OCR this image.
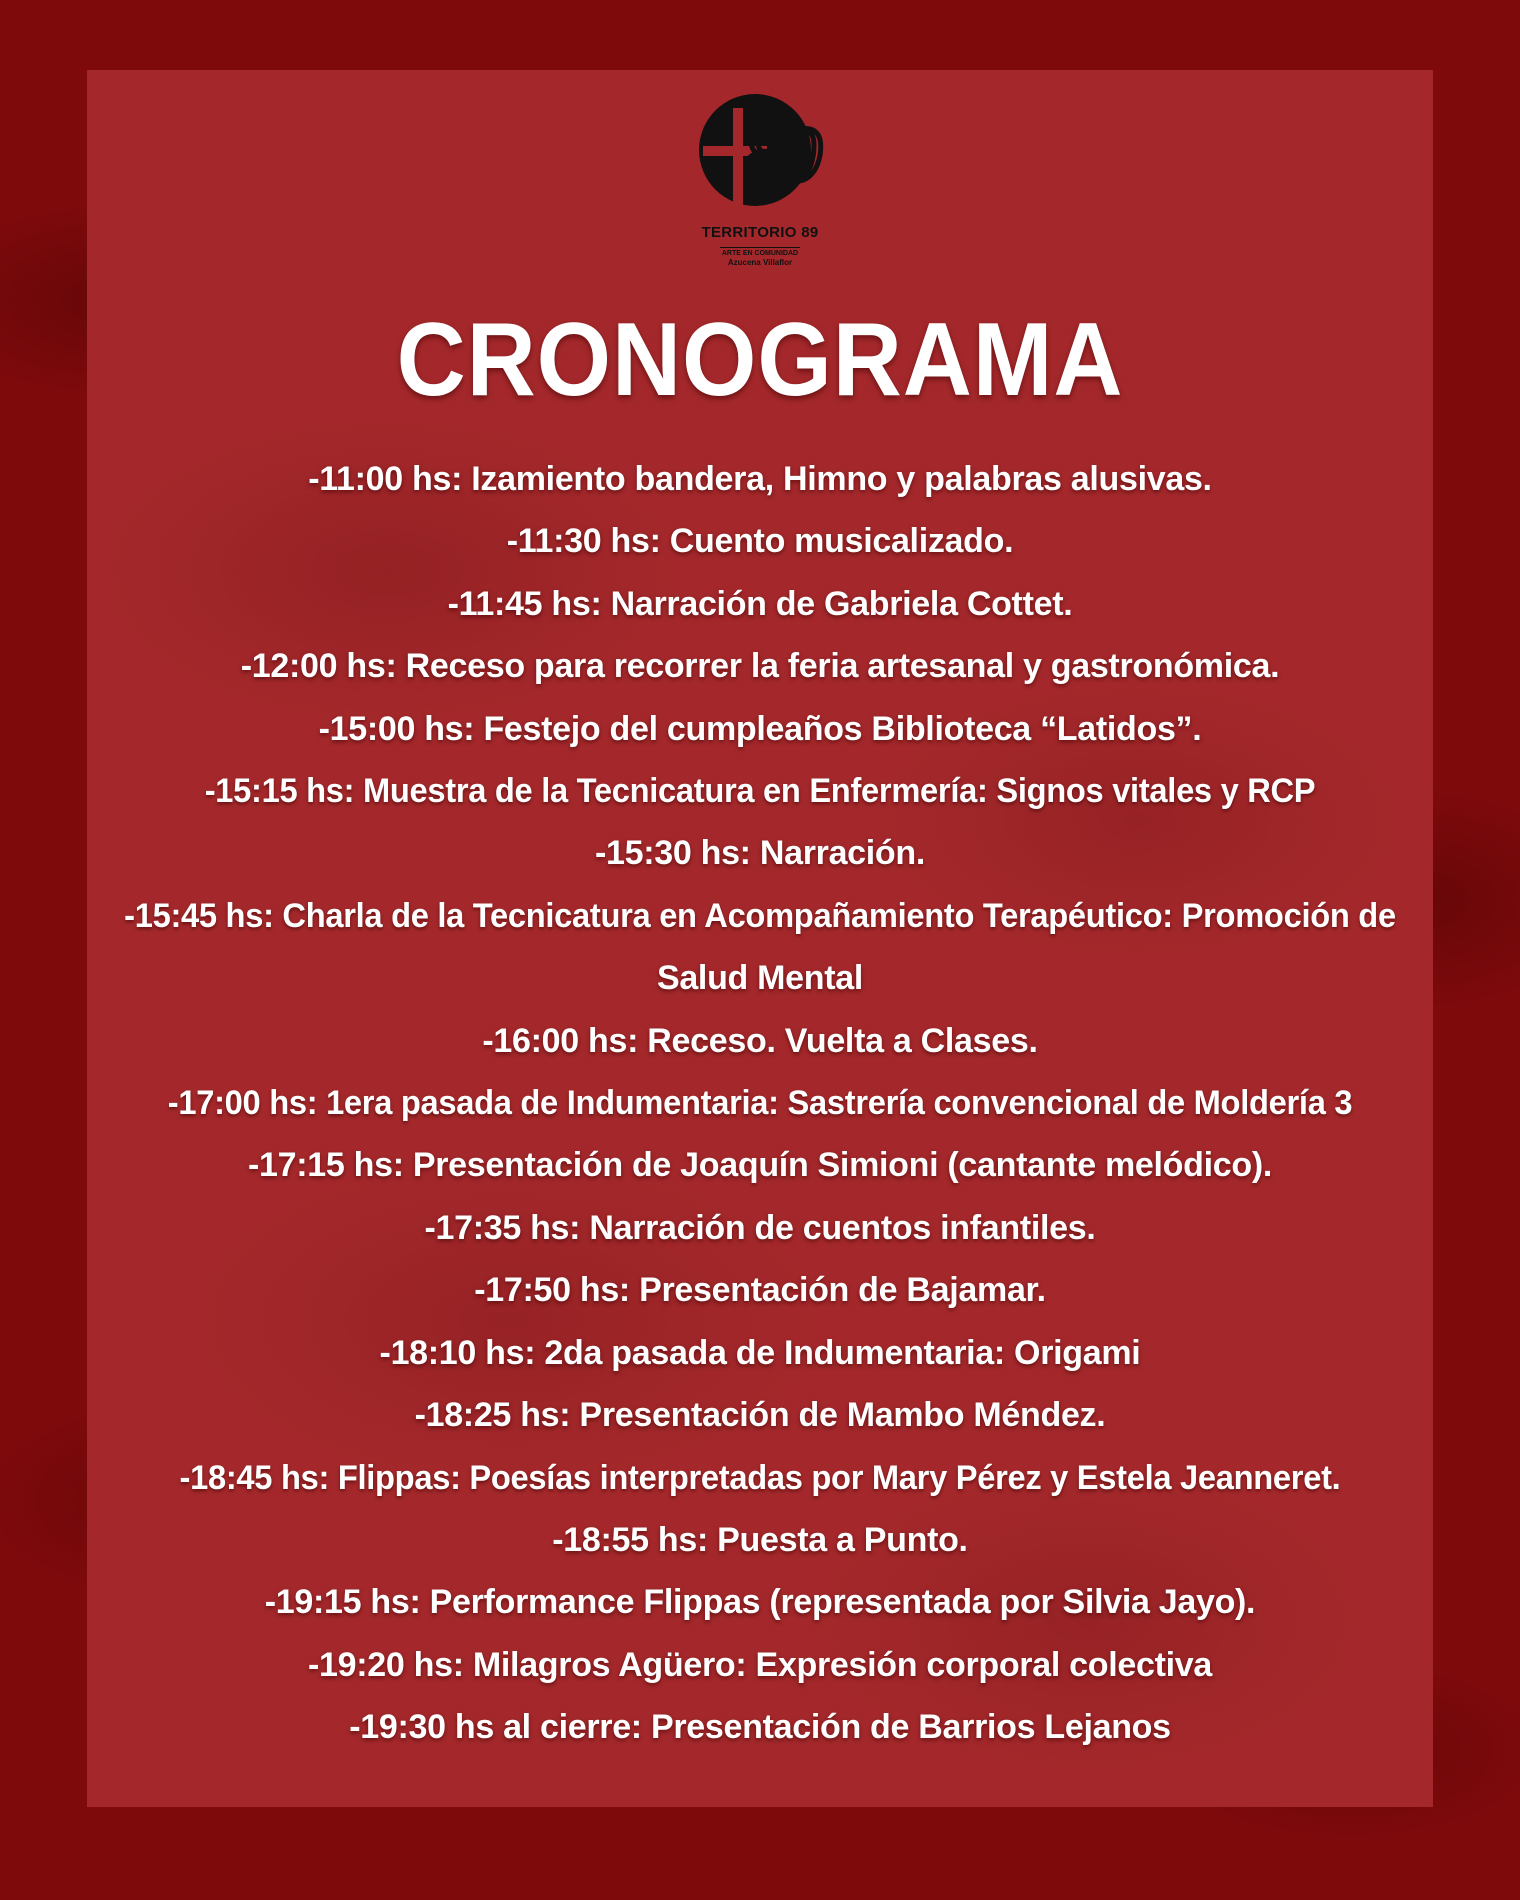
89
TERRITORIO 89
ARTE EN COMUNIDAD
Azucena Villaflor
CRONOGRAMA
-11:00 hs: Izamiento bandera, Himno y palabras alusivas.
-11:30 hs: Cuento musicalizado.
-11:45 hs: Narración de Gabriela Cottet.
-12:00 hs: Receso para recorrer la feria artesanal y gastronómica.
-15:00 hs: Festejo del cumpleaños Biblioteca “Latidos”.
-15:15 hs: Muestra de la Tecnicatura en Enfermería: Signos vitales y RCP
-15:30 hs: Narración.
-15:45 hs: Charla de la Tecnicatura en Acompañamiento Terapéutico: Promoción de
Salud Mental
-16:00 hs: Receso. Vuelta a Clases.
-17:00 hs: 1era pasada de Indumentaria: Sastrería convencional de Moldería 3
-17:15 hs: Presentación de Joaquín Simioni (cantante melódico).
-17:35 hs: Narración de cuentos infantiles.
-17:50 hs: Presentación de Bajamar.
-18:10 hs: 2da pasada de Indumentaria: Origami
-18:25 hs: Presentación de Mambo Méndez.
-18:45 hs: Flippas: Poesías interpretadas por Mary Pérez y Estela Jeanneret.
-18:55 hs: Puesta a Punto.
-19:15 hs: Performance Flippas (representada por Silvia Jayo).
-19:20 hs: Milagros Agüero: Expresión corporal colectiva
-19:30 hs al cierre: Presentación de Barrios Lejanos
